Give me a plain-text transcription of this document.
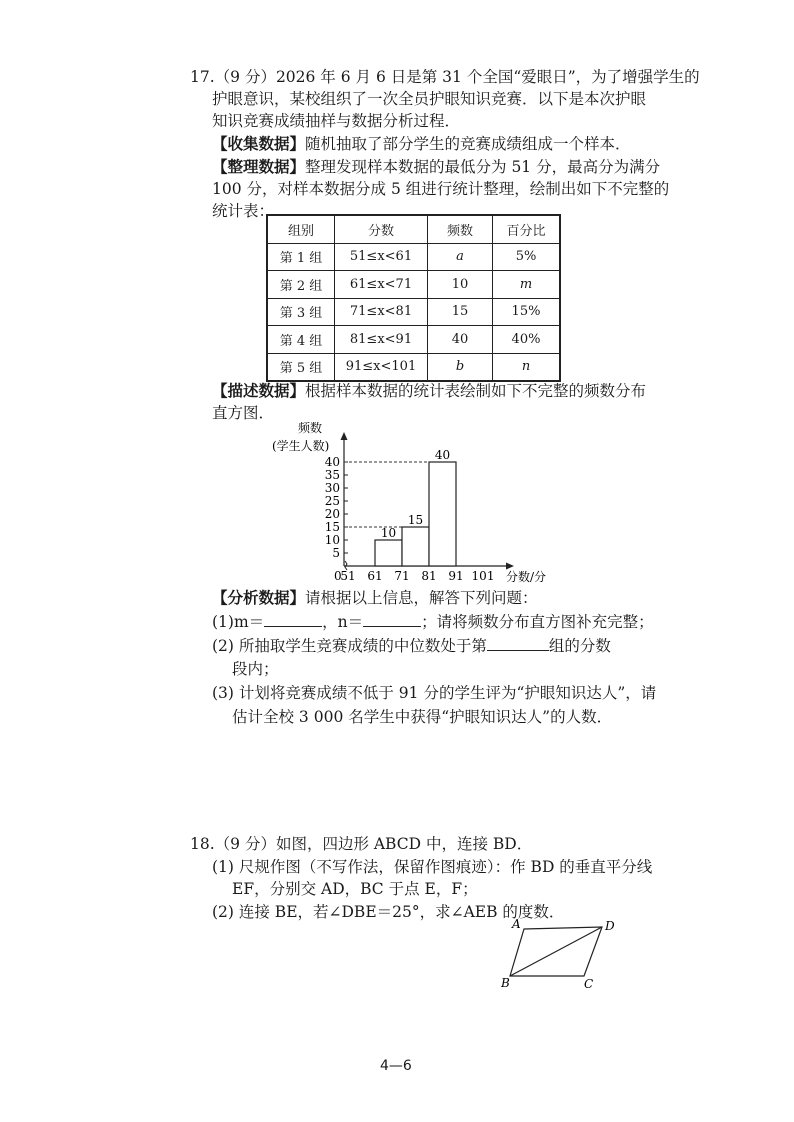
17.（9 分）2026 年 6 月 6 日是第 31 个全国“爱眼日”，为了增强学生的
护眼意识，某校组织了一次全员护眼知识竞赛．以下是本次护眼
知识竞赛成绩抽样与数据分析过程．
【收集数据】随机抽取了部分学生的竞赛成绩组成一个样本．
【整理数据】整理发现样本数据的最低分为 51 分，最高分为满分
100 分，对样本数据分成 5 组进行统计整理，绘制出如下不完整的
统计表：
组别	分数	频数	百分比
第 1 组	51≤x<61	a	5%
第 2 组	61≤x<71	10	m
第 3 组	71≤x<81	15	15%
第 4 组	81≤x<91	40	40%
第 5 组	91≤x<101	b	n
【描述数据】根据样本数据的统计表绘制如下不完整的频数分布
直方图．
频数
(学生人数)
5
10
15
20
25
30
35
40
0
51 61 71 81 91 101
10
15
40
分数/分
【分析数据】请根据以上信息，解答下列问题：
(1)m＝	，n＝	；请将频数分布直方图补充完整；
(2) 所抽取学生竞赛成绩的中位数处于第	组的分数
段内；
(3) 计划将竞赛成绩不低于 91 分的学生评为“护眼知识达人”，请
估计全校 3 000 名学生中获得“护眼知识达人”的人数．
18.（9 分）如图，四边形 ABCD 中，连接 BD．
(1) 尺规作图（不写作法，保留作图痕迹）：作 BD 的垂直平分线
EF，分别交 AD，BC 于点 E，F；
(2) 连接 BE，若∠DBE＝25°，求∠AEB 的度数．
A	D
B	C
4—6
